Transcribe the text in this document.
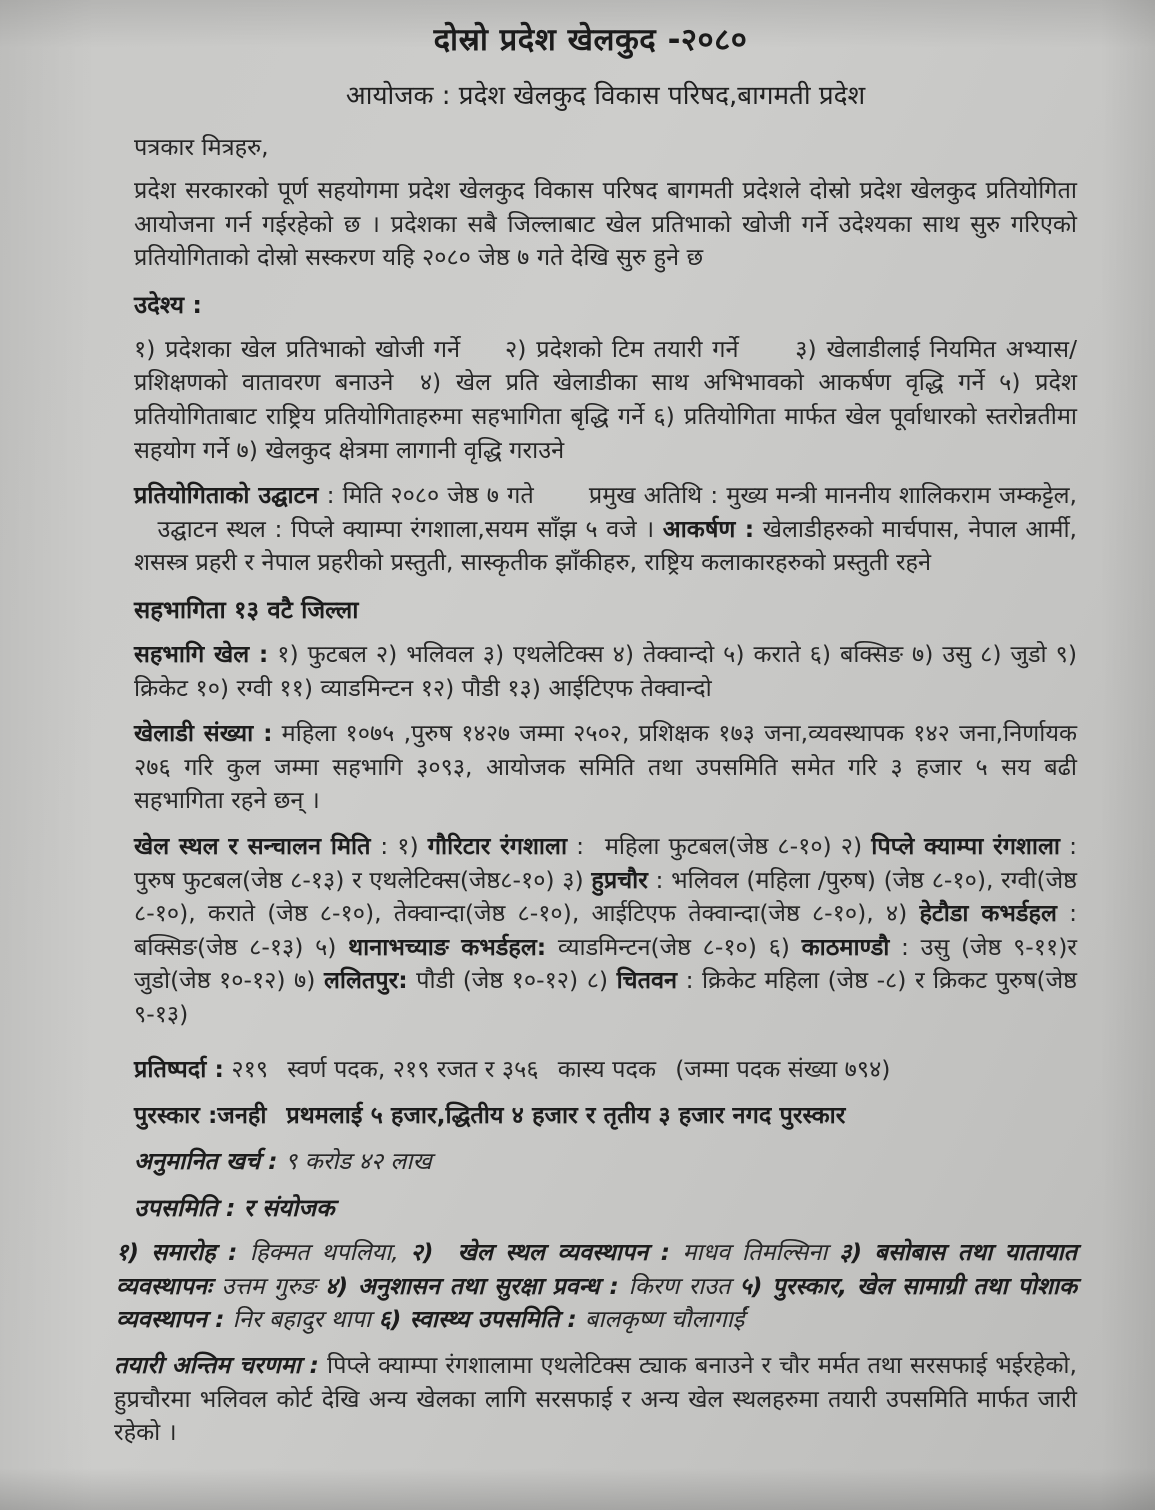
दोस्रो प्रदेश खेलकुद -२०८०
आयोजक : प्रदेश खेलकुद विकास परिषद,बागमती प्रदेश

पत्रकार मित्रहरु,

प्रदेश सरकारको पूर्ण सहयोगमा प्रदेश खेलकुद विकास परिषद बागमती प्रदेशले दोस्रो प्रदेश खेलकुद प्रतियोगिता आयोजना गर्न गईरहेको छ । प्रदेशका सबै जिल्लाबाट खेल प्रतिभाको खोजी गर्ने उदेश्यका साथ सुरु गरिएको प्रतियोगिताको दोस्रो सस्करण यहि २०८० जेष्ठ ७ गते देखि सुरु हुने छ

उदेश्य :

१) प्रदेशका खेल प्रतिभाको खोजी गर्ने   २) प्रदेशको टिम तयारी गर्ने    ३) खेलाडीलाई नियमित अभ्यास/प्रशिक्षणको वातावरण बनाउने  ४) खेल प्रति खेलाडीका साथ अभिभावको आकर्षण वृद्धि गर्ने ५) प्रदेश प्रतियोगिताबाट राष्ट्रिय प्रतियोगिताहरुमा सहभागिता बृद्धि गर्ने ६) प्रतियोगिता मार्फत खेल पूर्वाधारको स्तरोन्नतीमा सहयोग गर्ने ७) खेलकुद क्षेत्रमा लागानी वृद्धि गराउने

प्रतियोगिताको उद्घाटन : मिति २०८० जेष्ठ ७ गते   प्रमुख अतिथि : मुख्य मन्त्री माननीय शालिकराम जम्कट्टेल,   उद्घाटन स्थल : पिप्ले क्याम्पा रंगशाला,सयम साँझ ५ वजे । आकर्षण : खेलाडीहरुको मार्चपास, नेपाल आर्मी, शसस्त्र प्रहरी र नेपाल प्रहरीको प्रस्तुती, सास्कृतीक झाँकीहरु, राष्ट्रिय कलाकारहरुको प्रस्तुती रहने

सहभागिता १३ वटै जिल्ला

सहभागि खेल : १) फुटबल २) भलिवल ३) एथलेटिक्स ४) तेक्वान्दो ५) कराते ६) बक्सिङ ७) उसु ८) जुडो ९) क्रिकेट १०) रग्वी ११) व्याडमिन्टन १२) पौडी १३) आईटिएफ तेक्वान्दो

खेलाडी संख्या : महिला १०७५ ,पुरुष १४२७ जम्मा २५०२, प्रशिक्षक १७३ जना,व्यवस्थापक १४२ जना,निर्णायक २७६ गरि कुल जम्मा सहभागि ३०९३, आयोजक समिति तथा उपसमिति समेत गरि ३ हजार ५ सय बढी सहभागिता रहने छन् ।

खेल स्थल र सन्चालन मिति : १) गौरिटार रंगशाला :  महिला फुटबल(जेष्ठ ८-१०) २) पिप्ले क्याम्पा रंगशाला : पुरुष फुटबल(जेष्ठ ८-१३) र एथलेटिक्स(जेष्ठ८-१०) ३) हुप्रचौर : भलिवल (महिला /पुरुष) (जेष्ठ ८-१०), रग्वी(जेष्ठ ८-१०), कराते (जेष्ठ ८-१०), तेक्वान्दा(जेष्ठ ८-१०), आईटिएफ तेक्वान्दा(जेष्ठ ८-१०), ४) हेटौडा कभर्डहल : बक्सिङ(जेष्ठ ८-१३) ५) थानाभच्याङ कभर्डहल: व्याडमिन्टन(जेष्ठ ८-१०) ६) काठमाण्डौ : उसु (जेष्ठ ९-११)र जुडो(जेष्ठ १०-१२) ७) ललितपुर: पौडी (जेष्ठ १०-१२) ८) चितवन : क्रिकेट महिला (जेष्ठ -८) र क्रिकट पुरुष(जेष्ठ ९-१३)

प्रतिष्पर्दा : २१९  स्वर्ण पदक, २१९ रजत र ३५६  कास्य पदक  (जम्मा पदक संख्या ७९४)

पुरस्कार :जनही  प्रथमलाई ५ हजार,द्धितीय ४ हजार र तृतीय ३ हजार नगद पुरस्कार

अनुमानित खर्च : ९ करोड ४२ लाख

उपसमिति : र संयोजक

१) समारोह : हिक्मत थपलिया, २)  खेल स्थल व्यवस्थापन : माधव तिमल्सिना ३) बसोबास तथा यातायात व्यवस्थापनः उत्तम गुरुङ ४) अनुशासन तथा सुरक्षा प्रवन्ध : किरण राउत ५) पुरस्कार, खेल सामाग्री तथा पोशाक व्यवस्थापन : निर बहादुर थापा ६) स्वास्थ्य उपसमिति : बालकृष्ण चौलागाईं

तयारी अन्तिम चरणमा : पिप्ले क्याम्पा रंगशालामा एथलेटिक्स ट्याक बनाउने र चौर मर्मत तथा सरसफाई भईरहेको, हुप्रचौरमा भलिवल कोर्ट देखि अन्य खेलका लागि सरसफाई र अन्य खेल स्थलहरुमा तयारी उपसमिति मार्फत जारी रहेको ।
